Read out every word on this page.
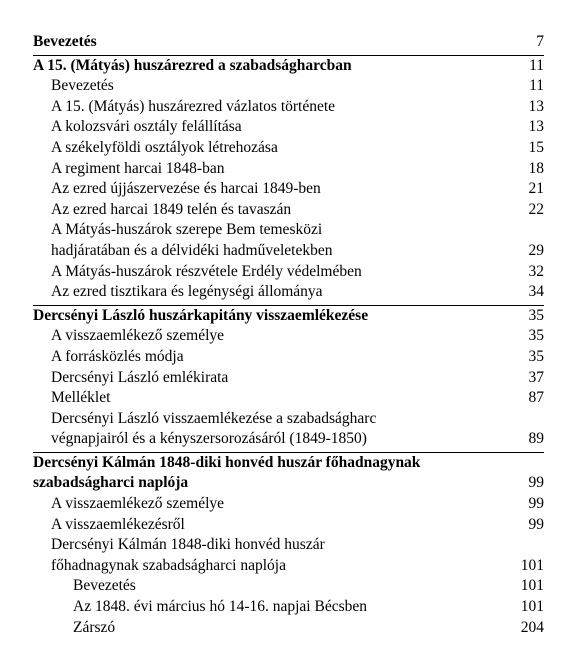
Bevezetés	7
A 15. (Mátyás) huszárezred a szabadságharcban	11
Bevezetés	11
A 15. (Mátyás) huszárezred vázlatos története	13
A kolozsvári osztály felállítása	13
A székelyföldi osztályok létrehozása	15
A regiment harcai 1848-ban	18
Az ezred újjászervezése és harcai 1849-ben	21
Az ezred harcai 1849 telén és tavaszán	22
A Mátyás-huszárok szerepe Bem temesközi
hadjáratában és a délvidéki hadműveletekben	29
A Mátyás-huszárok részvétele Erdély védelmében	32
Az ezred tisztikara és legénységi állománya	34
Dercsényi László huszárkapitány visszaemlékezése	35
A visszaemlékező személye	35
A forrásközlés módja	35
Dercsényi László emlékirata	37
Melléklet	87
Dercsényi László visszaemlékezése a szabadságharc
végnapjairól és a kényszersorozásáról (1849-1850)	89
Dercsényi Kálmán 1848-diki honvéd huszár főhadnagynak
szabadságharci naplója	99
A visszaemlékező személye	99
A visszaemlékezésről	99
Dercsényi Kálmán 1848-diki honvéd huszár
főhadnagynak szabadságharci naplója	101
Bevezetés	101
Az 1848. évi március hó 14-16. napjai Bécsben	101
Zárszó	204
